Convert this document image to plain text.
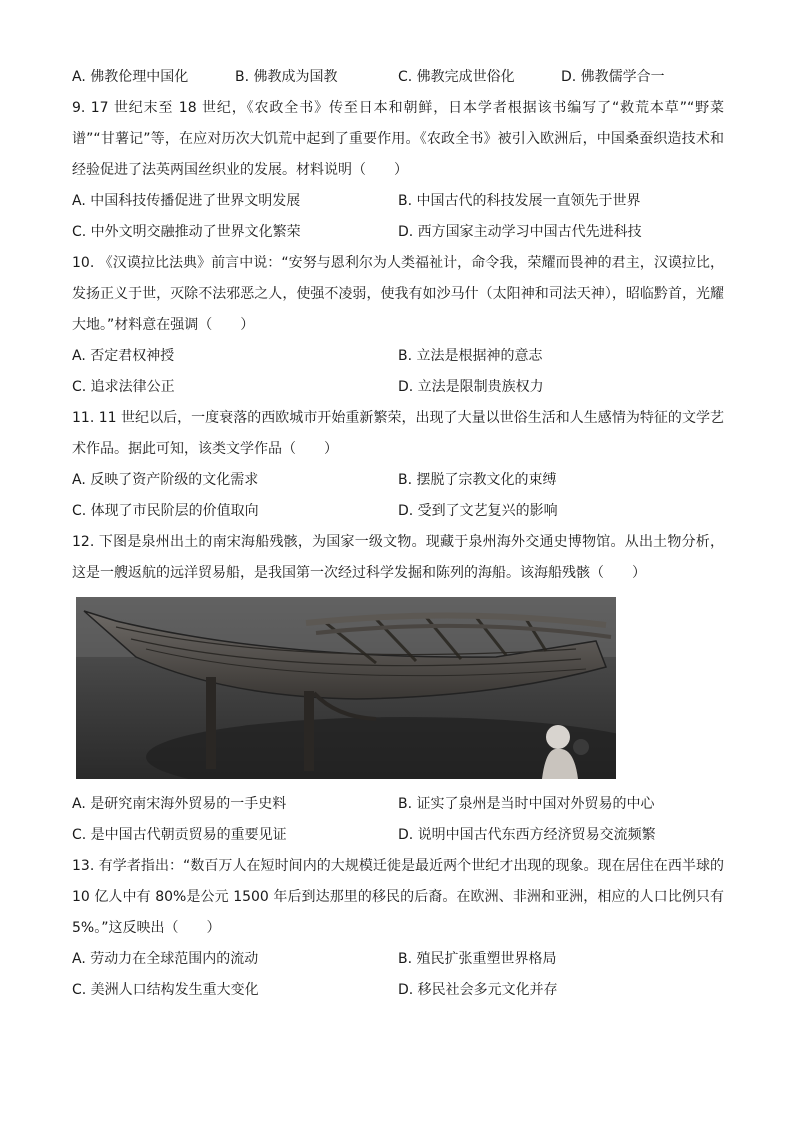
A. 佛教伦理中国化	B. 佛教成为国教	C. 佛教完成世俗化	D. 佛教儒学合一

9. 17 世纪末至 18 世纪，《农政全书》传至日本和朝鲜，日本学者根据该书编写了“救荒本草”“野菜谱”“甘薯记”等，在应对历次大饥荒中起到了重要作用。《农政全书》被引入欧洲后，中国桑蚕织造技术和经验促进了法英两国丝织业的发展。材料说明（　　）

A. 中国科技传播促进了世界文明发展	B. 中国古代的科技发展一直领先于世界
C. 中外文明交融推动了世界文化繁荣	D. 西方国家主动学习中国古代先进科技

10. 《汉谟拉比法典》前言中说：“安努与恩利尔为人类福祉计，命令我，荣耀而畏神的君主，汉谟拉比，发扬正义于世，灭除不法邪恶之人，使强不凌弱，使我有如沙马什（太阳神和司法天神），昭临黔首，光耀大地。”材料意在强调（　　）

A. 否定君权神授	B. 立法是根据神的意志
C. 追求法律公正	D. 立法是限制贵族权力

11. 11 世纪以后，一度衰落的西欧城市开始重新繁荣，出现了大量以世俗生活和人生感情为特征的文学艺术作品。据此可知，该类文学作品（　　）

A. 反映了资产阶级的文化需求	B. 摆脱了宗教文化的束缚
C. 体现了市民阶层的价值取向	D. 受到了文艺复兴的影响

12. 下图是泉州出土的南宋海船残骸，为国家一级文物。现藏于泉州海外交通史博物馆。从出土物分析，这是一艘返航的远洋贸易船，是我国第一次经过科学发掘和陈列的海船。该海船残骸（　　）

A. 是研究南宋海外贸易的一手史料	B. 证实了泉州是当时中国对外贸易的中心
C. 是中国古代朝贡贸易的重要见证	D. 说明中国古代东西方经济贸易交流频繁

13. 有学者指出：“数百万人在短时间内的大规模迁徙是最近两个世纪才出现的现象。现在居住在西半球的 10 亿人中有 80%是公元 1500 年后到达那里的移民的后裔。在欧洲、非洲和亚洲，相应的人口比例只有 5%。”这反映出（　　）

A. 劳动力在全球范围内的流动	B. 殖民扩张重塑世界格局
C. 美洲人口结构发生重大变化	D. 移民社会多元文化并存
